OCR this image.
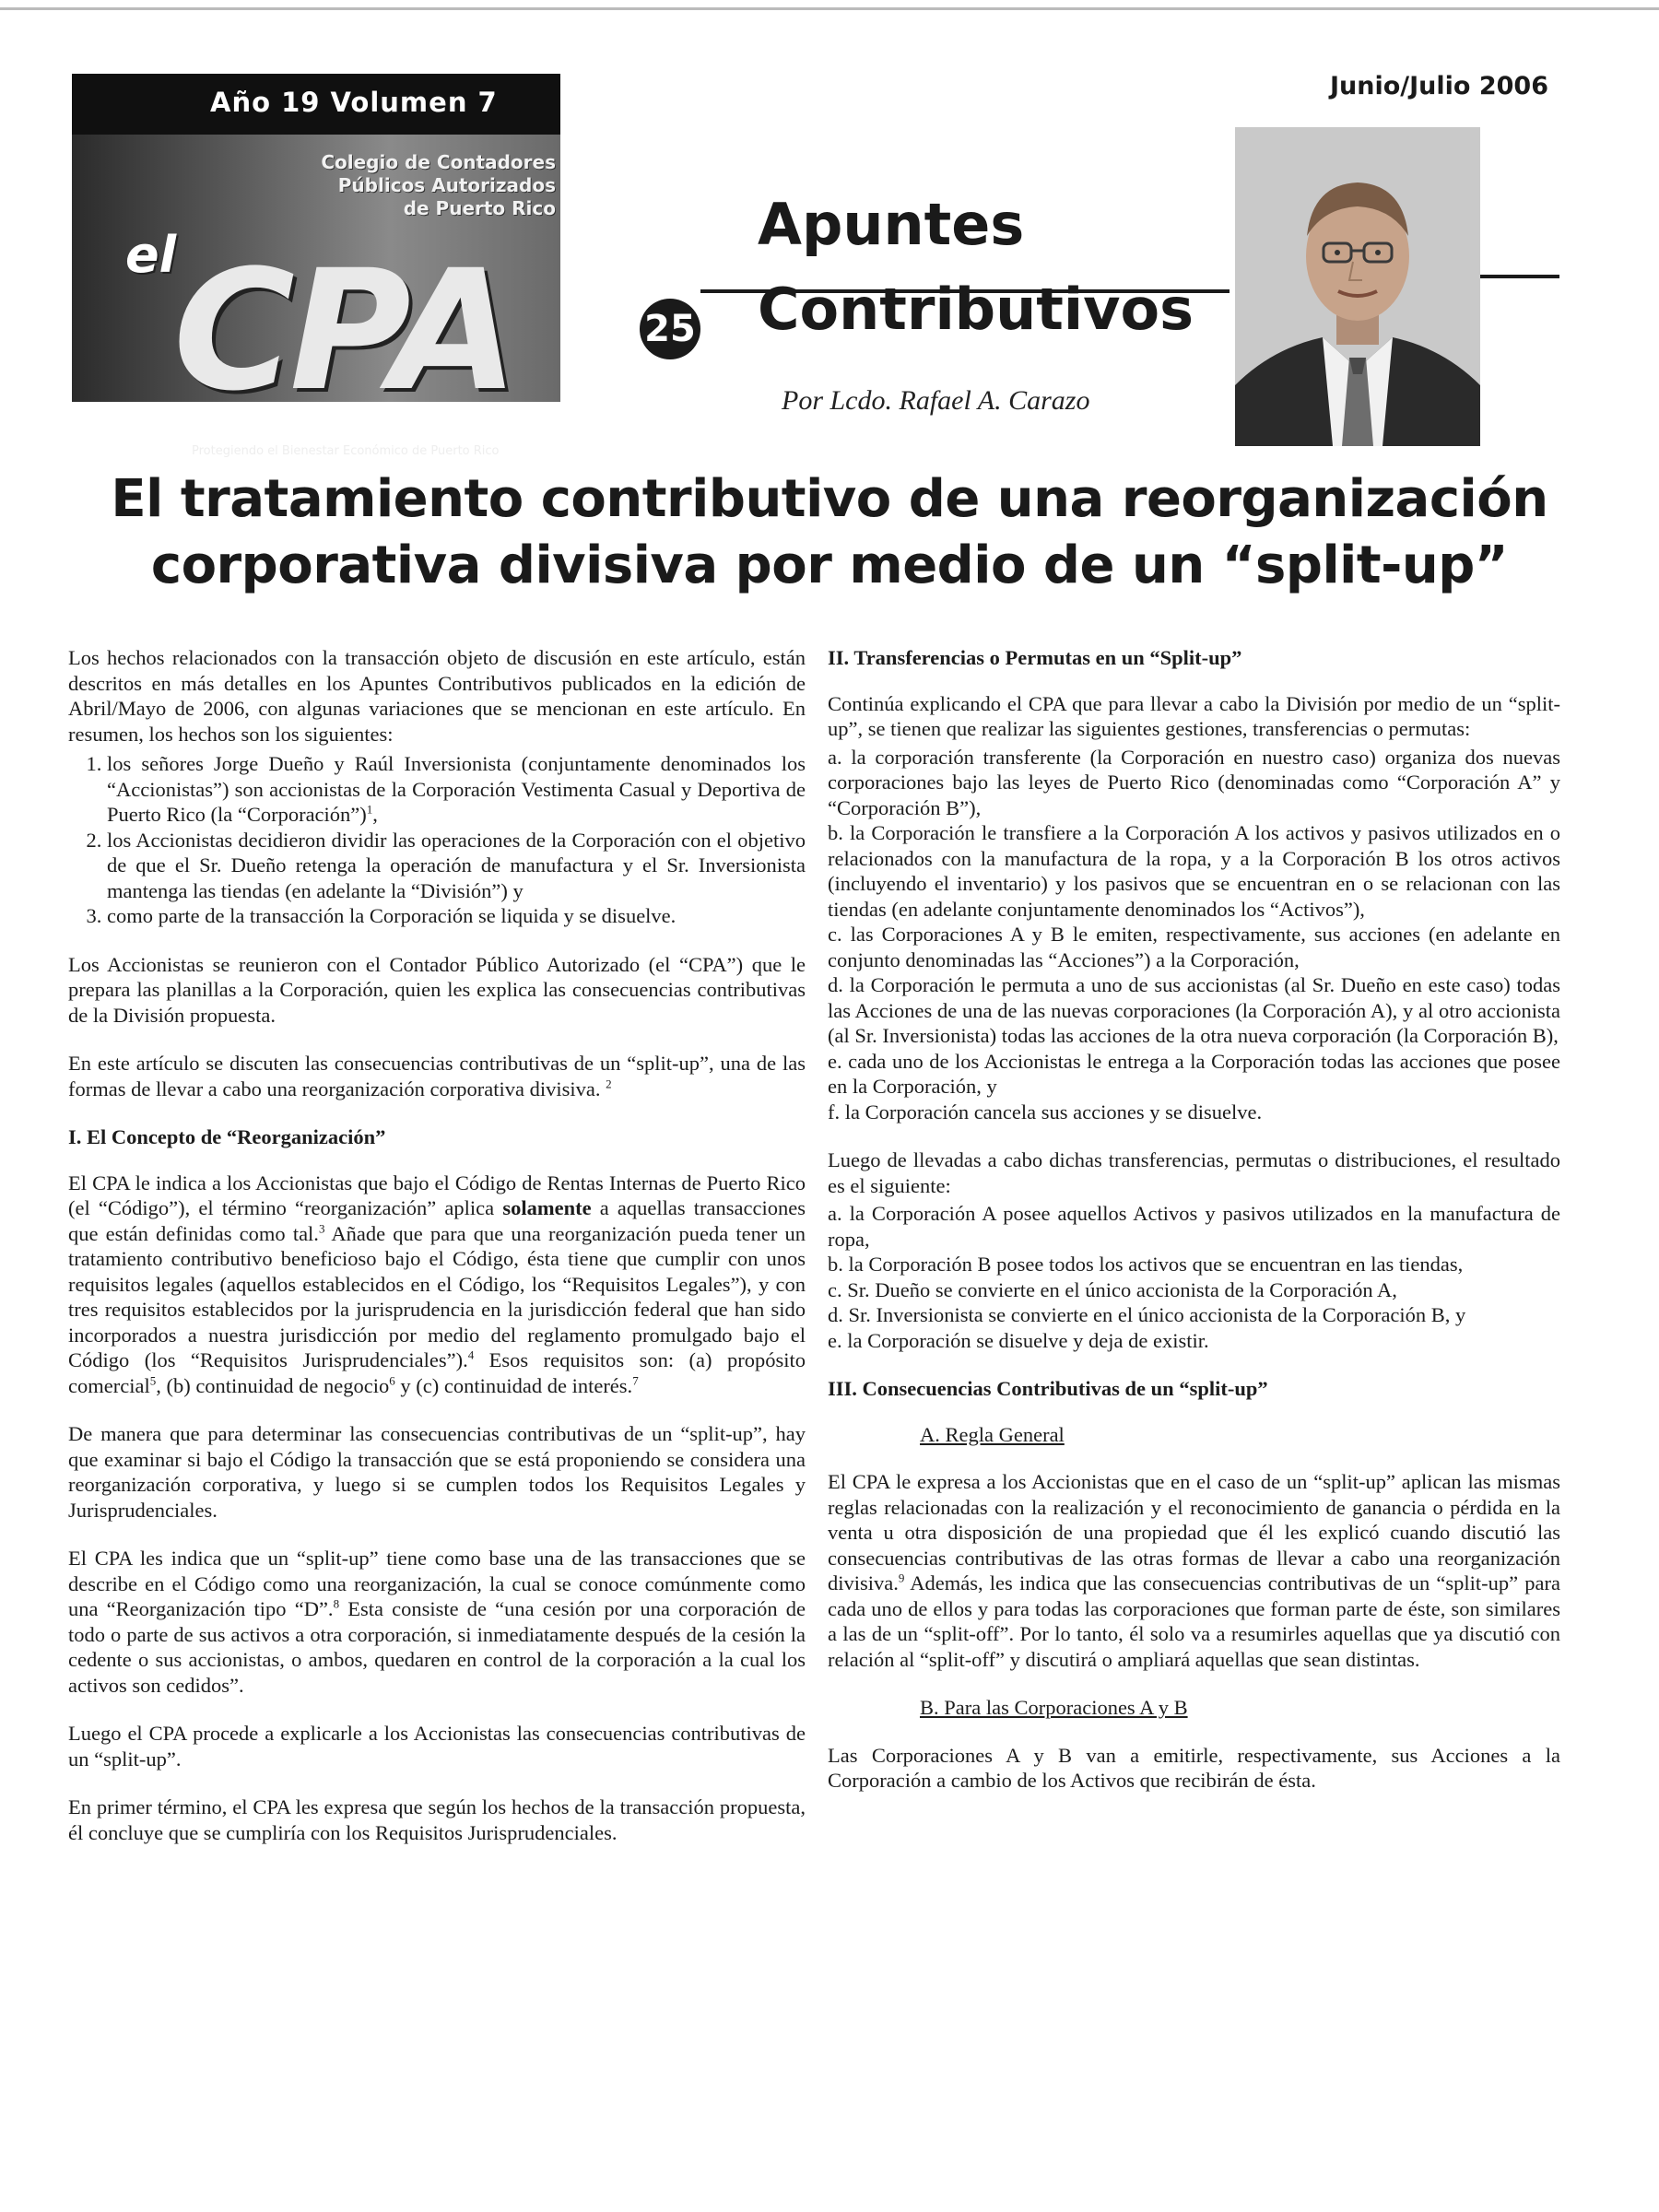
Año 19 Volumen 7
Colegio de Contadores
Públicos Autorizados
de Puerto Rico
el
CPA
Protegiendo el Bienestar Económico de Puerto Rico
Junio/Julio 2006
25
Apuntes
Contributivos
Por Lcdo. Rafael A. Carazo
El tratamiento contributivo de una reorganización
corporativa divisiva por medio de un “split-up”

Los hechos relacionados con la transacción objeto de discusión en este artículo, están descritos en más detalles en los Apuntes Contributivos publicados en la edición de Abril/Mayo de 2006, con algunas variaciones que se mencionan en este artículo. En resumen, los hechos son los siguientes:

1. los señores Jorge Dueño y Raúl Inversionista (conjuntamente denominados los “Accionistas”) son accionistas de la Corporación Vestimenta Casual y Deportiva de Puerto Rico (la “Corporación”)$^1$,
2. los Accionistas decidieron dividir las operaciones de la Corporación con el objetivo de que el Sr. Dueño retenga la operación de manufactura y el Sr. Inversionista mantenga las tiendas (en adelante la “División”) y
3. como parte de la transacción la Corporación se liquida y se disuelve.

Los Accionistas se reunieron con el Contador Público Autorizado (el “CPA”) que le prepara las planillas a la Corporación, quien les explica las consecuencias contributivas de la División propuesta.

En este artículo se discuten las consecuencias contributivas de un “split-up”, una de las formas de llevar a cabo una reorganización corporativa divisiva. $^2$

I. El Concepto de “Reorganización”

El CPA le indica a los Accionistas que bajo el Código de Rentas Internas de Puerto Rico (el “Código”), el término “reorganización” aplica solamente a aquellas transacciones que están definidas como tal.$^3$ Añade que para que una reorganización pueda tener un tratamiento contributivo beneficioso bajo el Código, ésta tiene que cumplir con unos requisitos legales (aquellos establecidos en el Código, los “Requisitos Legales”), y con tres requisitos establecidos por la jurisprudencia en la jurisdicción federal que han sido incorporados a nuestra jurisdicción por medio del reglamento promulgado bajo el Código (los “Requisitos Jurisprudenciales”).$^4$ Esos requisitos son: (a) propósito comercial$^5$, (b) continuidad de negocio$^6$ y (c) continuidad de interés.$^7$

De manera que para determinar las consecuencias contributivas de un “split-up”, hay que examinar si bajo el Código la transacción que se está proponiendo se considera una reorganización corporativa, y luego si se cumplen todos los Requisitos Legales y Jurisprudenciales.

El CPA les indica que un “split-up” tiene como base una de las transacciones que se describe en el Código como una reorganización, la cual se conoce comúnmente como una “Reorganización tipo “D”.$^8$ Esta consiste de “una cesión por una corporación de todo o parte de sus activos a otra corporación, si inmediatamente después de la cesión la cedente o sus accionistas, o ambos, quedaren en control de la corporación a la cual los activos son cedidos”.

Luego el CPA procede a explicarle a los Accionistas las consecuencias contributivas de un “split-up”.

En primer término, el CPA les expresa que según los hechos de la transacción propuesta, él concluye que se cumpliría con los Requisitos Jurisprudenciales.

II. Transferencias o Permutas en un “Split-up”

Continúa explicando el CPA que para llevar a cabo la División por medio de un “split-up”, se tienen que realizar las siguientes gestiones, transferencias o permutas:

a. la corporación transferente (la Corporación en nuestro caso) organiza dos nuevas corporaciones bajo las leyes de Puerto Rico (denominadas como “Corporación A” y “Corporación B”),
b. la Corporación le transfiere a la Corporación A los activos y pasivos utilizados en o relacionados con la manufactura de la ropa, y a la Corporación B los otros activos (incluyendo el inventario) y los pasivos que se encuentran en o se relacionan con las tiendas (en adelante conjuntamente denominados los “Activos”),
c. las Corporaciones A y B le emiten, respectivamente, sus acciones (en adelante en conjunto denominadas las “Acciones”) a la Corporación,
d. la Corporación le permuta a uno de sus accionistas (al Sr. Dueño en este caso) todas las Acciones de una de las nuevas corporaciones (la Corporación A), y al otro accionista (al Sr. Inversionista) todas las acciones de la otra nueva corporación (la Corporación B),
e. cada uno de los Accionistas le entrega a la Corporación todas las acciones que posee en la Corporación, y
f. la Corporación cancela sus acciones y se disuelve.

Luego de llevadas a cabo dichas transferencias, permutas o distribuciones, el resultado es el siguiente:

a. la Corporación A posee aquellos Activos y pasivos utilizados en la manufactura de ropa,
b. la Corporación B posee todos los activos que se encuentran en las tiendas,
c. Sr. Dueño se convierte en el único accionista de la Corporación A,
d. Sr. Inversionista se convierte en el único accionista de la Corporación B, y
e. la Corporación se disuelve y deja de existir.
III. Consecuencias Contributivas de un “split-up”
A. Regla General

El CPA le expresa a los Accionistas que en el caso de un “split-up” aplican las mismas reglas relacionadas con la realización y el reconocimiento de ganancia o pérdida en la venta u otra disposición de una propiedad que él les explicó cuando discutió las consecuencias contributivas de las otras formas de llevar a cabo una reorganización divisiva.$^9$ Además, les indica que las consecuencias contributivas de un “split-up” para cada uno de ellos y para todas las corporaciones que forman parte de éste, son similares a las de un “split-off”. Por lo tanto, él solo va a resumirles aquellas que ya discutió con relación al “split-off” y discutirá o ampliará aquellas que sean distintas.

B. Para las Corporaciones A y B

Las Corporaciones A y B van a emitirle, respectivamente, sus Acciones a la Corporación a cambio de los Activos que recibirán de ésta.
